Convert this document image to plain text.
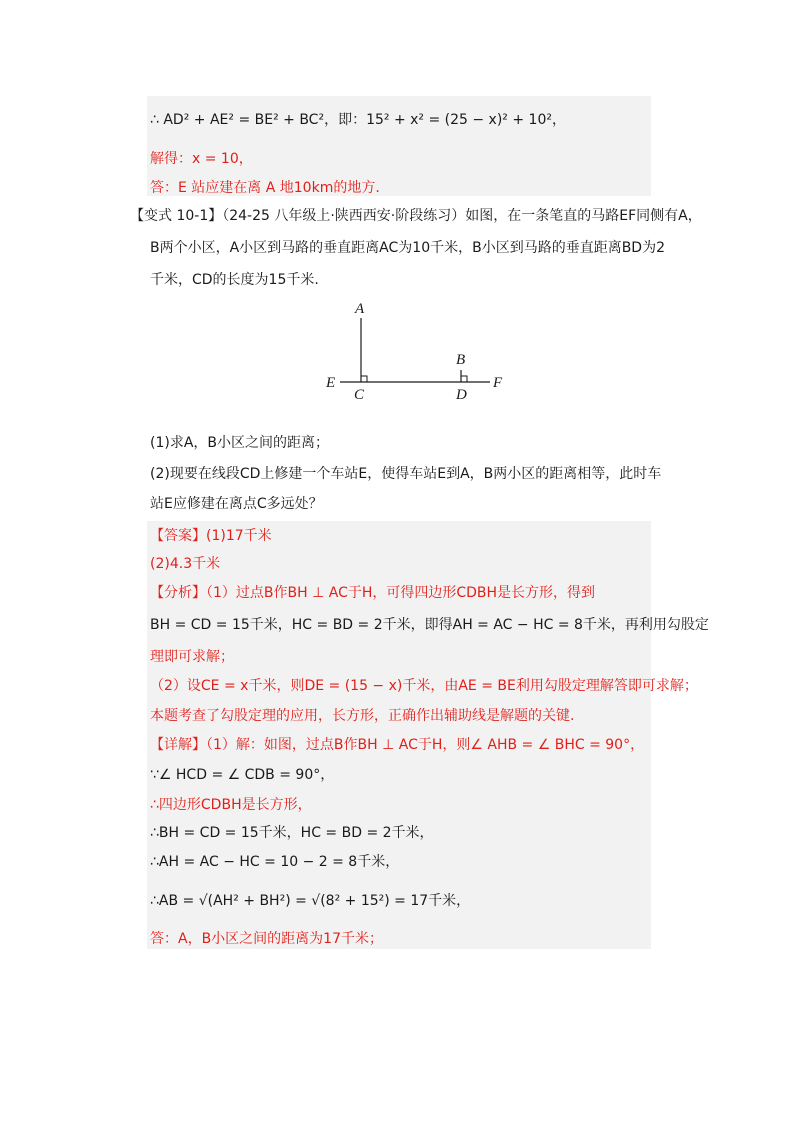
∴ AD² + AE² = BE² + BC²，即：15² + x² = (25 − x)² + 10²，
解得：x = 10，
答：E 站应建在离 A 地10km的地方.
【变式 10-1】（24-25 八年级上·陕西西安·阶段练习）如图，在一条笔直的马路EF同侧有A，
B两个小区，A小区到马路的垂直距离AC为10千米，B小区到马路的垂直距离BD为2
千米，CD的长度为15千米.
A
B
C	D
E	F
(1)求A，B小区之间的距离；
(2)现要在线段CD上修建一个车站E，使得车站E到A，B两小区的距离相等，此时车
站E应修建在离点C多远处？
【答案】(1)17千米
(2)4.3千米
【分析】（1）过点B作BH ⊥ AC于H，可得四边形CDBH是长方形，得到
BH = CD = 15千米，HC = BD = 2千米，即得AH = AC − HC = 8千米，再利用勾股定
理即可求解；
（2）设CE = x千米，则DE = (15 − x)千米，由AE = BE利用勾股定理解答即可求解；
本题考查了勾股定理的应用，长方形，正确作出辅助线是解题的关键.
【详解】（1）解：如图，过点B作BH ⊥ AC于H，则∠ AHB = ∠ BHC = 90°，
∵∠ HCD = ∠ CDB = 90°，
∴四边形CDBH是长方形，
∴BH = CD = 15千米，HC = BD = 2千米，
∴AH = AC − HC = 10 − 2 = 8千米，
∴AB = √(AH² + BH²) = √(8² + 15²) = 17千米，
答：A，B小区之间的距离为17千米；
